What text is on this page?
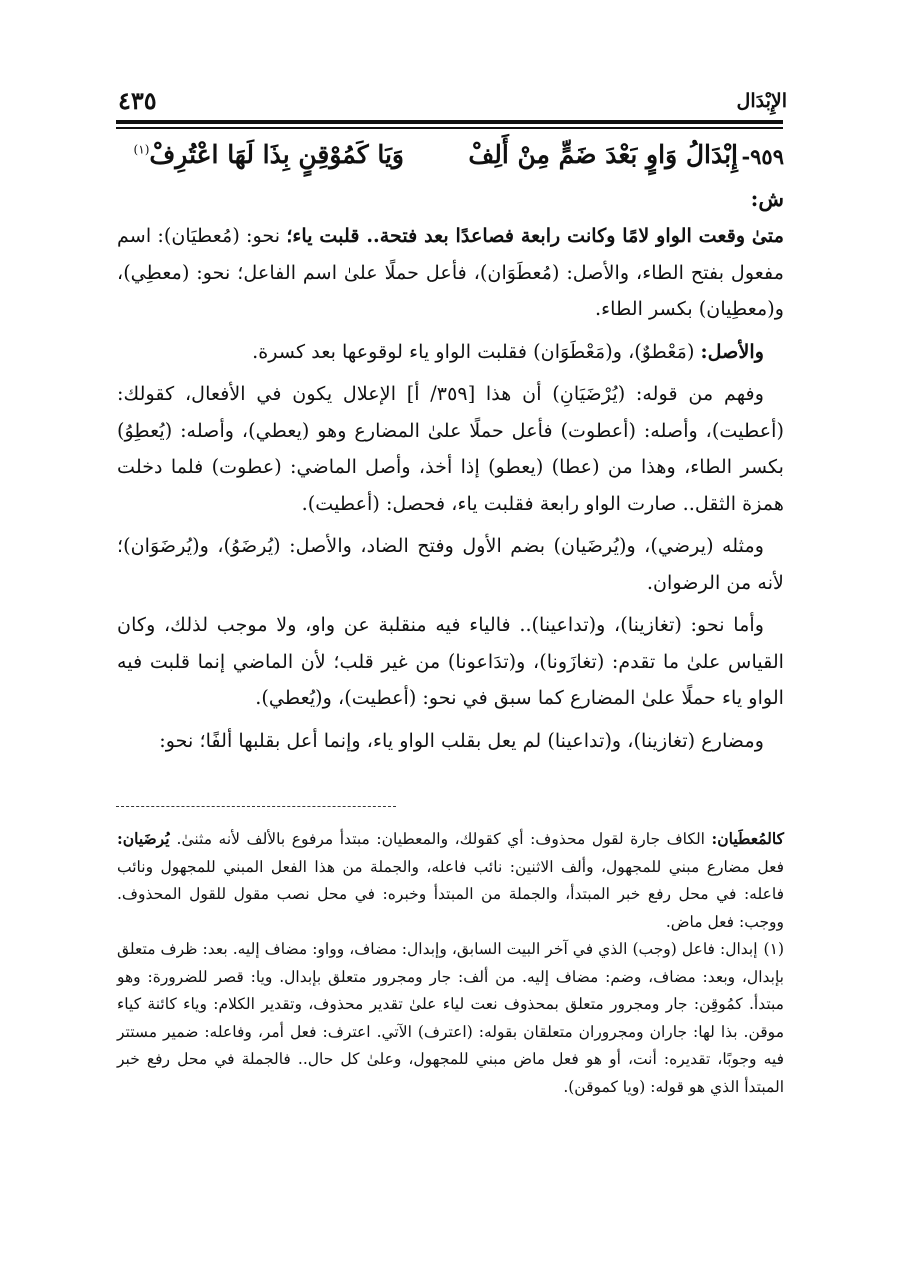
الإِبْدَال
٤٣٥
٩٥٩-
إِبْدَالُ وَاوٍ بَعْدَ ضَمٍّ مِنْ أَلِفْ
وَيَا كَمُوْقِنٍ بِذَا لَهَا اعْتُرِفْ$^{(١)}$
ش:

متىٰ وقعت الواو لامًا وكانت رابعة فصاعدًا بعد فتحة.. قلبت ياء؛ نحو: (مُعطيَان): اسم مفعول بفتح الطاء، والأصل: (مُعطَوَان)، فأعل حملًا علىٰ اسم الفاعل؛ نحو: (معطِي)، و(معطِيان) بكسر الطاء.

والأصل: (مَعْطوٌ)، و(مَعْطَوَان) فقلبت الواو ياء لوقوعها بعد كسرة.

وفهم من قوله: (يُرْضَيَانِ) أن هذا [٣٥٩/ أ] الإعلال يكون في الأفعال، كقولك: (أعطيت)، وأصله: (أعطوت) فأعل حملًا علىٰ المضارع وهو (يعطي)، وأصله: (يُعطِوُ) بكسر الطاء، وهذا من (عطا) (يعطو) إذا أخذ، وأصل الماضي: (عطوت) فلما دخلت همزة الثقل.. صارت الواو رابعة فقلبت ياء، فحصل: (أعطيت).

ومثله (يرضي)، و(يُرضَيان) بضم الأول وفتح الضاد، والأصل: (يُرضَوُ)، و(يُرضَوَان)؛ لأنه من الرضوان.

وأما نحو: (تغازينا)، و(تداعينا).. فالياء فيه منقلبة عن واو، ولا موجب لذلك، وكان القياس علىٰ ما تقدم: (تغازَونا)، و(تدَاعونا) من غير قلب؛ لأن الماضي إنما قلبت فيه الواو ياء حملًا علىٰ المضارع كما سبق في نحو: (أعطيت)، و(يُعطي).

ومضارع (تغازينا)، و(تداعينا) لم يعل بقلب الواو ياء، وإنما أعل بقلبها ألفًا؛ نحو:

كالمُعطَيان: الكاف جارة لقول محذوف: أي كقولك، والمعطيان: مبتدأ مرفوع بالألف لأنه مثنىٰ. يُرضَيان: فعل مضارع مبني للمجهول، وألف الاثنين: نائب فاعله، والجملة من هذا الفعل المبني للمجهول ونائب فاعله: في محل رفع خبر المبتدأ، والجملة من المبتدأ وخبره: في محل نصب مقول للقول المحذوف. ووجب: فعل ماض.

(١)إبدال: فاعل (وجب) الذي في آخر البيت السابق، وإبدال: مضاف، وواو: مضاف إليه. بعد: ظرف متعلق بإبدال، وبعد: مضاف، وضم: مضاف إليه. من ألف: جار ومجرور متعلق بإبدال. ويا: قصر للضرورة: وهو مبتدأ. كمُوقِن: جار ومجرور متعلق بمحذوف نعت لياء علىٰ تقدير محذوف، وتقدير الكلام: وياء كائنة كياء موقن. بذا لها: جاران ومجروران متعلقان بقوله: (اعترف) الآتي. اعترف: فعل أمر، وفاعله: ضمير مستتر فيه وجوبًا، تقديره: أنت، أو هو فعل ماض مبني للمجهول، وعلىٰ كل حال.. فالجملة في محل رفع خبر المبتدأ الذي هو قوله: (ويا كموقن).
